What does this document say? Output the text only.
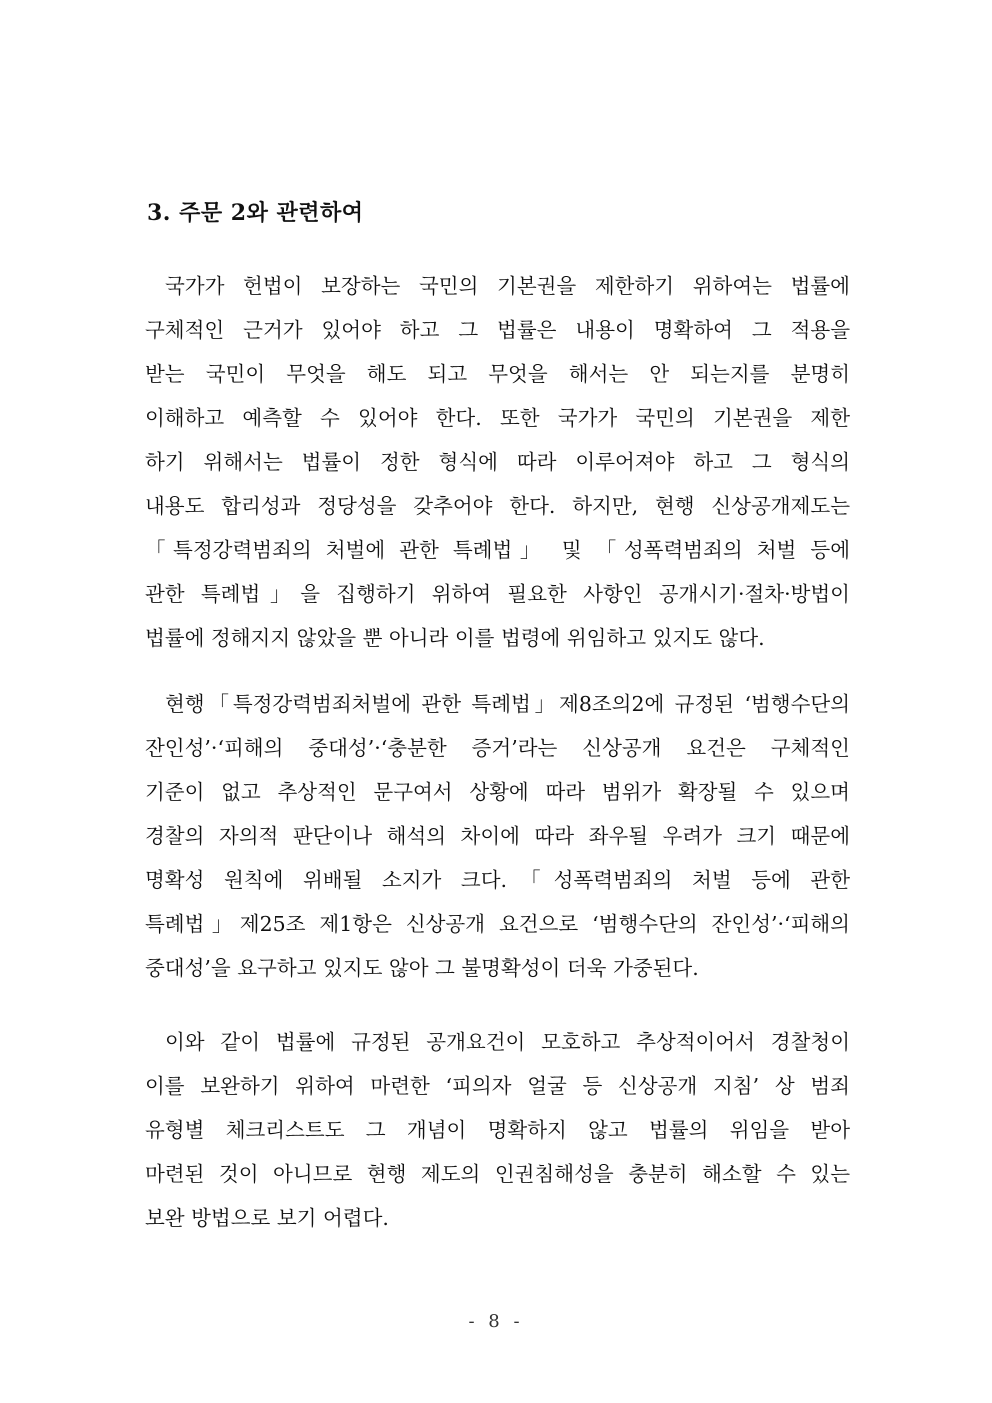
3. 주문 2와 관련하여
국가가 헌법이 보장하는 국민의 기본권을 제한하기 위하여는 법률에
구체적인 근거가 있어야 하고 그 법률은 내용이 명확하여 그 적용을
받는 국민이 무엇을 해도 되고 무엇을 해서는 안 되는지를 분명히
이해하고 예측할 수 있어야 한다. 또한 국가가 국민의 기본권을 제한
하기 위해서는 법률이 정한 형식에 따라 이루어져야 하고 그 형식의
내용도 합리성과 정당성을 갖추어야 한다. 하지만, 현행 신상공개제도는
「특정강력범죄의 처벌에 관한 특례법」 및 「성폭력범죄의 처벌 등에
관한 특례법」을 집행하기 위하여 필요한 사항인 공개시기·절차·방법이
법률에 정해지지 않았을 뿐 아니라 이를 법령에 위임하고 있지도 않다.
현행「특정강력범죄처벌에 관한 특례법」제8조의2에 규정된 ‘범행수단의
잔인성’·‘피해의 중대성’·‘충분한 증거’라는 신상공개 요건은 구체적인
기준이 없고 추상적인 문구여서 상황에 따라 범위가 확장될 수 있으며
경찰의 자의적 판단이나 해석의 차이에 따라 좌우될 우려가 크기 때문에
명확성 원칙에 위배될 소지가 크다.「성폭력범죄의 처벌 등에 관한
특례법」제25조 제1항은 신상공개 요건으로 ‘범행수단의 잔인성’·‘피해의
중대성’을 요구하고 있지도 않아 그 불명확성이 더욱 가중된다.
이와 같이 법률에 규정된 공개요건이 모호하고 추상적이어서 경찰청이
이를 보완하기 위하여 마련한 ‘피의자 얼굴 등 신상공개 지침’ 상 범죄
유형별 체크리스트도 그 개념이 명확하지 않고 법률의 위임을 받아
마련된 것이 아니므로 현행 제도의 인권침해성을 충분히 해소할 수 있는
보완 방법으로 보기 어렵다.
- 8 -
